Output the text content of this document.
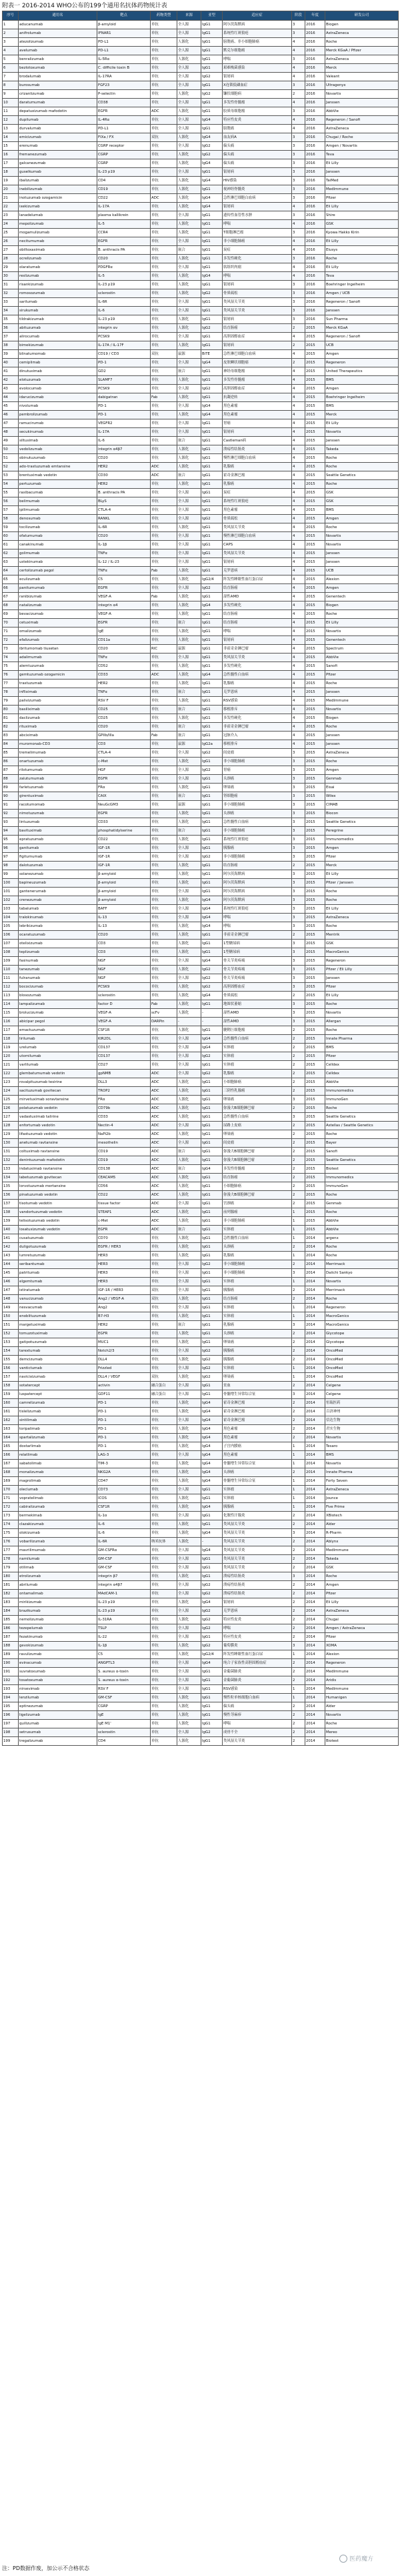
附表一 2016-2014 WHO公布的199个通用名抗体药物统计表
序号	通用名	靶点	药物类型	来源	亚型	适应症	阶段	年度	研发公司
1	aducanumab	β-amyloid	单抗	全人源	IgG1	阿尔茨海默病	3	2016	Biogen
2	anifrolumab	IFNAR1	单抗	全人源	IgG1	系统性红斑狼疮	3	2016	AstraZeneca
3	atezolizumab	PD-L1	单抗	人源化	IgG1	膀胱癌、非小细胞肺癌	4	2016	Roche
4	avelumab	PD-L1	单抗	全人源	IgG1	默克尔细胞癌	4	2016	Merck KGaA / Pfizer
5	benralizumab	IL-5Rα	单抗	人源化	IgG1	哮喘	3	2016	AstraZeneca
6	bezlotoxumab	C. difficile toxin B	单抗	全人源	IgG1	艰难梭菌感染	4	2016	Merck
7	brodalumab	IL-17RA	单抗	全人源	IgG2	银屑病	4	2016	Valeant
8	burosumab	FGF23	单抗	全人源	IgG1	X连锁低磷血症	3	2016	Ultragenyx
9	crizanlizumab	P-selectin	单抗	人源化	IgG2	镰状细胞病	2	2016	Novartis
10	daratumumab	CD38	单抗	全人源	IgG1	多发性骨髓瘤	4	2016	Janssen
11	depatuxizumab mafodotin	EGFR	ADC	人源化	IgG1	胶质母细胞瘤	3	2016	AbbVie
12	dupilumab	IL-4Rα	单抗	全人源	IgG4	特应性皮炎	4	2016	Regeneron / Sanofi
13	durvalumab	PD-L1	单抗	全人源	IgG1	膀胱癌	4	2016	AstraZeneca
14	emicizumab	FIXa / FX	双抗	人源化	IgG4	血友病A	3	2016	Chugai / Roche
15	erenumab	CGRP receptor	单抗	全人源	IgG2	偏头痛	3	2016	Amgen / Novartis
16	fremanezumab	CGRP	单抗	人源化	IgG2	偏头痛	3	2016	Teva
17	galcanezumab	CGRP	单抗	人源化	IgG4	偏头痛	3	2016	Eli Lilly
18	guselkumab	IL-23 p19	单抗	全人源	IgG1	银屑病	3	2016	Janssen
19	ibalizumab	CD4	单抗	人源化	IgG4	HIV感染	3	2016	TaiMed
20	inebilizumab	CD19	单抗	人源化	IgG1	视神经脊髓炎	3	2016	MedImmune
21	inotuzumab ozogamicin	CD22	ADC	人源化	IgG4	急性淋巴细胞白血病	3	2016	Pfizer
22	ixekizumab	IL-17A	单抗	人源化	IgG4	银屑病	4	2016	Eli Lilly
23	lanadelumab	plasma kallikrein	单抗	全人源	IgG1	遗传性血管性水肿	3	2016	Shire
24	mepolizumab	IL-5	单抗	人源化	IgG1	哮喘	4	2016	GSK
25	mogamulizumab	CCR4	单抗	人源化	IgG1	T细胞淋巴瘤	3	2016	Kyowa Hakko Kirin
26	necitumumab	EGFR	单抗	全人源	IgG1	非小细胞肺癌	4	2016	Eli Lilly
27	obiltoxaximab	B. anthracis PA	单抗	嵌合	IgG1	炭疽	4	2016	Elusys
28	ocrelizumab	CD20	单抗	人源化	IgG1	多发性硬化	3	2016	Roche
29	olaratumab	PDGFRα	单抗	全人源	IgG1	软组织肉瘤	4	2016	Eli Lilly
30	reslizumab	IL-5	单抗	人源化	IgG4	哮喘	4	2016	Teva
31	risankizumab	IL-23 p19	单抗	人源化	IgG1	银屑病	3	2016	Boehringer Ingelheim
32	romosozumab	sclerostin	单抗	人源化	IgG2	骨质疏松	3	2016	Amgen / UCB
33	sarilumab	IL-6R	单抗	全人源	IgG1	类风湿关节炎	3	2016	Regeneron / Sanofi
34	sirukumab	IL-6	单抗	全人源	IgG1	类风湿关节炎	3	2016	Janssen
35	tildrakizumab	IL-23 p19	单抗	人源化	IgG1	银屑病	3	2016	Sun Pharma
36	abituzumab	integrin αv	单抗	人源化	IgG2	结直肠癌	2	2015	Merck KGaA
37	alirocumab	PCSK9	单抗	全人源	IgG1	高胆固醇血症	4	2015	Regeneron / Sanofi
38	bimekizumab	IL-17A / IL-17F	单抗	人源化	IgG1	银屑病	2	2015	UCB
39	blinatumomab	CD19 / CD3	双抗	鼠源	BiTE	急性淋巴细胞白血病	4	2015	Amgen
40	cemiplimab	PD-1	单抗	全人源	IgG4	皮肤鳞状细胞癌	2	2015	Regeneron
41	dinutuximab	GD2	单抗	嵌合	IgG1	神经母细胞瘤	4	2015	United Therapeutics
42	elotuzumab	SLAMF7	单抗	人源化	IgG1	多发性骨髓瘤	4	2015	BMS
43	evolocumab	PCSK9	单抗	全人源	IgG2	高胆固醇血症	4	2015	Amgen
44	idarucizumab	dabigatran	Fab	人源化	IgG1	抗凝逆转	4	2015	Boehringer Ingelheim
45	nivolumab	PD-1	单抗	全人源	IgG4	黑色素瘤	4	2015	BMS
46	pembrolizumab	PD-1	单抗	人源化	IgG4	黑色素瘤	4	2015	Merck
47	ramucirumab	VEGFR2	单抗	全人源	IgG1	胃癌	4	2015	Eli Lilly
48	secukinumab	IL-17A	单抗	全人源	IgG1	银屑病	4	2015	Novartis
49	siltuximab	IL-6	单抗	嵌合	IgG1	Castleman病	4	2015	Janssen
50	vedolizumab	integrin α4β7	单抗	人源化	IgG1	溃疡性结肠炎	4	2015	Takeda
51	obinutuzumab	CD20	单抗	人源化	IgG1	慢性淋巴细胞白血病	4	2015	Roche
52	ado-trastuzumab emtansine	HER2	ADC	人源化	IgG1	乳腺癌	4	2015	Roche
53	brentuximab vedotin	CD30	ADC	嵌合	IgG1	霍奇金淋巴瘤	4	2015	Seattle Genetics
54	pertuzumab	HER2	单抗	人源化	IgG1	乳腺癌	4	2015	Roche
55	raxibacumab	B. anthracis PA	单抗	全人源	IgG1	炭疽	4	2015	GSK
56	belimumab	BLyS	单抗	全人源	IgG1	系统性红斑狼疮	4	2015	GSK
57	ipilimumab	CTLA-4	单抗	全人源	IgG1	黑色素瘤	4	2015	BMS
58	denosumab	RANKL	单抗	全人源	IgG2	骨质疏松	4	2015	Amgen
59	tocilizumab	IL-6R	单抗	人源化	IgG1	类风湿关节炎	4	2015	Roche
60	ofatumumab	CD20	单抗	全人源	IgG1	慢性淋巴细胞白血病	4	2015	Novartis
61	canakinumab	IL-1β	单抗	全人源	IgG1	CAPS	4	2015	Novartis
62	golimumab	TNFα	单抗	全人源	IgG1	类风湿关节炎	4	2015	Janssen
63	ustekinumab	IL-12 / IL-23	单抗	全人源	IgG1	银屑病	4	2015	Janssen
64	certolizumab pegol	TNFα	Fab	人源化	IgG1	克罗恩病	4	2015	UCB
65	eculizumab	C5	单抗	人源化	IgG2/4	阵发性睡眠性血红蛋白尿	4	2015	Alexion
66	panitumumab	EGFR	单抗	全人源	IgG2	结直肠癌	4	2015	Amgen
67	ranibizumab	VEGF-A	Fab	人源化	IgG1	湿性AMD	4	2015	Genentech
68	natalizumab	integrin α4	单抗	人源化	IgG4	多发性硬化	4	2015	Biogen
69	bevacizumab	VEGF-A	单抗	人源化	IgG1	结直肠癌	4	2015	Roche
70	cetuximab	EGFR	单抗	嵌合	IgG1	结直肠癌	4	2015	Eli Lilly
71	omalizumab	IgE	单抗	人源化	IgG1	哮喘	4	2015	Novartis
72	efalizumab	CD11a	单抗	人源化	IgG1	银屑病	4	2015	Genentech
73	ibritumomab tiuxetan	CD20	RIC	鼠源	IgG1	非霍奇金淋巴瘤	4	2015	Spectrum
74	adalimumab	TNFα	单抗	全人源	IgG1	类风湿关节炎	4	2015	AbbVie
75	alemtuzumab	CD52	单抗	人源化	IgG1	多发性硬化	4	2015	Sanofi
76	gemtuzumab ozogamicin	CD33	ADC	人源化	IgG4	急性髓性白血病	4	2015	Pfizer
77	trastuzumab	HER2	单抗	人源化	IgG1	乳腺癌	4	2015	Roche
78	infliximab	TNFα	单抗	嵌合	IgG1	克罗恩病	4	2015	Janssen
79	palivizumab	RSV F	单抗	人源化	IgG1	RSV感染	4	2015	MedImmune
80	basiliximab	CD25	单抗	嵌合	IgG1	移植排斥	4	2015	Novartis
81	daclizumab	CD25	单抗	人源化	IgG1	多发性硬化	4	2015	Biogen
82	rituximab	CD20	单抗	嵌合	IgG1	非霍奇金淋巴瘤	4	2015	Roche
83	abciximab	GPIIb/IIIa	Fab	嵌合	IgG1	冠脉介入	4	2015	Janssen
84	muromonab-CD3	CD3	单抗	鼠源	IgG2a	移植排斥	4	2015	Janssen
85	tremelimumab	CTLA-4	单抗	全人源	IgG2	间皮瘤	3	2015	AstraZeneca
86	onartuzumab	c-Met	单抗	人源化	IgG1	非小细胞肺癌	3	2015	Roche
87	rilotumumab	HGF	单抗	全人源	IgG2	胃癌	3	2015	Amgen
88	zalutumumab	EGFR	单抗	全人源	IgG1	头颈癌	3	2015	Genmab
89	farletuzumab	FRα	单抗	人源化	IgG1	卵巢癌	3	2015	Eisai
90	girentuximab	CAIX	单抗	嵌合	IgG1	肾细胞癌	3	2015	Wilex
91	racotumomab	NeuGcGM3	单抗	鼠源	IgG1	非小细胞肺癌	3	2015	CIMAB
92	nimotuzumab	EGFR	单抗	人源化	IgG1	头颈癌	3	2015	Biocon
93	lintuzumab	CD33	单抗	人源化	IgG1	急性髓性白血病	3	2015	Seattle Genetics
94	bavituximab	phosphatidylserine	单抗	嵌合	IgG1	非小细胞肺癌	3	2015	Peregrine
95	epratuzumab	CD22	单抗	人源化	IgG1	系统性红斑狼疮	3	2015	Immunomedics
96	ganitumab	IGF-1R	单抗	全人源	IgG1	胰腺癌	3	2015	Amgen
97	figitumumab	IGF-1R	单抗	全人源	IgG2	非小细胞肺癌	3	2015	Pfizer
98	dalotuzumab	IGF-1R	单抗	人源化	IgG1	结直肠癌	2	2015	Merck
99	solanezumab	β-amyloid	单抗	人源化	IgG1	阿尔茨海默病	3	2015	Eli Lilly
100	bapineuzumab	β-amyloid	单抗	人源化	IgG1	阿尔茨海默病	3	2015	Pfizer / Janssen
101	gantenerumab	β-amyloid	单抗	全人源	IgG1	阿尔茨海默病	3	2015	Roche
102	crenezumab	β-amyloid	单抗	人源化	IgG4	阿尔茨海默病	3	2015	Roche
103	tabalumab	BAFF	单抗	全人源	IgG4	系统性红斑狼疮	3	2015	Eli Lilly
104	tralokinumab	IL-13	单抗	全人源	IgG4	哮喘	3	2015	AstraZeneca
105	lebrikizumab	IL-13	单抗	人源化	IgG4	哮喘	3	2015	Roche
106	ocaratuzumab	CD20	单抗	人源化	IgG1	非霍奇金淋巴瘤	2	2015	Mentrik
107	otelixizumab	CD3	单抗	人源化	IgG1	1型糖尿病	3	2015	GSK
108	teplizumab	CD3	单抗	人源化	IgG1	1型糖尿病	3	2015	MacroGenics
109	fasinumab	NGF	单抗	全人源	IgG4	骨关节炎疼痛	3	2015	Regeneron
110	tanezumab	NGF	单抗	人源化	IgG2	骨关节炎疼痛	3	2015	Pfizer / Eli Lilly
111	fulranumab	NGF	单抗	全人源	IgG2	骨关节炎疼痛	3	2015	Janssen
112	bococizumab	PCSK9	单抗	人源化	IgG2	高胆固醇血症	3	2015	Pfizer
113	blosozumab	sclerostin	单抗	人源化	IgG4	骨质疏松	2	2015	Eli Lilly
114	lampalizumab	factor D	Fab	人源化	IgG1	地图状萎缩	3	2015	Roche
115	brolucizumab	VEGF-A	scFv	人源化	-	湿性AMD	3	2015	Novartis
116	abicipar pegol	VEGF-A	DARPin	-	-	湿性AMD	3	2015	Allergan
117	emactuzumab	CSF1R	单抗	人源化	IgG1	腱鞘巨细胞瘤	2	2015	Roche
118	lirilumab	KIR2DL	单抗	全人源	IgG4	急性髓性白血病	2	2015	Innate Pharma
119	urelumab	CD137	单抗	全人源	IgG4	实体瘤	2	2015	BMS
120	utomilumab	CD137	单抗	全人源	IgG2	实体瘤	2	2015	Pfizer
121	varlilumab	CD27	单抗	全人源	IgG1	实体瘤	2	2015	Celldex
122	glembatumumab vedotin	gpNMB	ADC	全人源	IgG2	乳腺癌	2	2015	Celldex
123	rovalpituzumab tesirine	DLL3	ADC	人源化	IgG1	小细胞肺癌	2	2015	AbbVie
124	sacituzumab govitecan	TROP2	ADC	人源化	IgG1	三阴性乳腺癌	2	2015	Immunomedics
125	mirvetuximab soravtansine	FRα	ADC	人源化	IgG1	卵巢癌	3	2015	ImmunoGen
126	polatuzumab vedotin	CD79b	ADC	人源化	IgG1	弥漫大B细胞淋巴瘤	2	2015	Roche
127	vadastuximab talirine	CD33	ADC	人源化	IgG1	急性髓性白血病	3	2015	Seattle Genetics
128	enfortumab vedotin	Nectin-4	ADC	全人源	IgG1	尿路上皮癌	2	2015	Astellas / Seattle Genetics
129	lifastuzumab vedotin	NaPi2b	ADC	人源化	IgG1	卵巢癌	2	2015	Roche
130	anetumab ravtansine	mesothelin	ADC	全人源	IgG1	间皮瘤	2	2015	Bayer
131	coltuximab ravtansine	CD19	ADC	嵌合	IgG1	弥漫大B细胞淋巴瘤	2	2015	Sanofi
132	denintuzumab mafodotin	CD19	ADC	人源化	IgG1	弥漫大B细胞淋巴瘤	2	2015	Seattle Genetics
133	indatuximab ravtansine	CD138	ADC	嵌合	IgG4	多发性骨髓瘤	2	2015	Biotest
134	labetuzumab govitecan	CEACAM5	ADC	人源化	IgG1	结直肠癌	2	2015	Immunomedics
135	lorvotuzumab mertansine	CD56	ADC	人源化	IgG1	小细胞肺癌	2	2015	ImmunoGen
136	pinatuzumab vedotin	CD22	ADC	人源化	IgG1	弥漫大B细胞淋巴瘤	2	2015	Roche
137	tisotumab vedotin	tissue factor	ADC	全人源	IgG1	宫颈癌	2	2015	Genmab
138	vandortuzumab vedotin	STEAP1	ADC	人源化	IgG1	前列腺癌	1	2015	Roche
139	telisotuzumab vedotin	c-Met	ADC	人源化	IgG1	非小细胞肺癌	1	2015	AbbVie
140	losatuxizumab vedotin	EGFR	ADC	嵌合	IgG1	实体瘤	1	2015	AbbVie
141	cusatuzumab	CD70	单抗	人源化	IgG1	急性髓性白血病	1	2014	argenx
142	duligotuzumab	EGFR / HER3	单抗	人源化	IgG1	头颈癌	2	2014	Roche
143	lumretuzumab	HER3	单抗	人源化	IgG1	乳腺癌	1	2014	Roche
144	seribantumab	HER3	单抗	全人源	IgG2	非小细胞肺癌	2	2014	Merrimack
145	patritumab	HER3	单抗	全人源	IgG1	非小细胞肺癌	3	2014	Daiichi Sankyo
146	elgemtumab	HER3	单抗	全人源	IgG1	实体瘤	1	2014	Novartis
147	istiratumab	IGF-1R / HER3	双抗	全人源	IgG1	胰腺癌	2	2014	Merrimack
148	vanucizumab	Ang2 / VEGF-A	双抗	人源化	IgG1	结直肠癌	2	2014	Roche
149	nesvacumab	Ang2	单抗	全人源	IgG1	实体瘤	1	2014	Regeneron
150	enoblituzumab	B7-H3	单抗	人源化	IgG1	实体瘤	1	2014	MacroGenics
151	margetuximab	HER2	单抗	嵌合	IgG1	乳腺癌	3	2014	MacroGenics
152	tomuzotuximab	EGFR	单抗	人源化	IgG1	头颈癌	2	2014	Glycotope
153	gatipotuzumab	MUC1	单抗	人源化	IgG1	卵巢癌	2	2014	Glycotope
154	tarextumab	Notch2/3	单抗	全人源	IgG2	胰腺癌	2	2014	OncoMed
155	demcizumab	DLL4	单抗	人源化	IgG2	胰腺癌	2	2014	OncoMed
156	vantictumab	Frizzled	单抗	全人源	IgG2	实体瘤	1	2014	OncoMed
157	navicixizumab	DLL4 / VEGF	双抗	人源化	IgG2	卵巢癌	1	2014	OncoMed
158	sotatercept	activin	融合蛋白	全人源	IgG1	贫血	2	2014	Celgene
159	luspatercept	GDF11	融合蛋白	全人源	IgG1	骨髓增生异常综合征	3	2014	Celgene
160	camrelizumab	PD-1	单抗	人源化	IgG4	霍奇金淋巴瘤	2	2014	恒瑞医药
161	tislelizumab	PD-1	单抗	人源化	IgG4	霍奇金淋巴瘤	2	2014	百济神州
162	sintilimab	PD-1	单抗	全人源	IgG4	霍奇金淋巴瘤	2	2014	信达生物
163	toripalimab	PD-1	单抗	人源化	IgG4	黑色素瘤	2	2014	君实生物
164	spartalizumab	PD-1	单抗	人源化	IgG4	黑色素瘤	2	2014	Novartis
165	dostarlimab	PD-1	单抗	人源化	IgG4	子宫内膜癌	1	2014	Tesaro
166	relatlimab	LAG-3	单抗	全人源	IgG4	黑色素瘤	1	2014	BMS
167	sabatolimab	TIM-3	单抗	人源化	IgG4	骨髓增生异常综合征	1	2014	Novartis
168	monalizumab	NKG2A	单抗	人源化	IgG4	头颈癌	2	2014	Innate Pharma
169	magrolimab	CD47	单抗	人源化	IgG4	骨髓增生异常综合征	1	2014	Forty Seven
170	oleclumab	CD73	单抗	全人源	IgG1	实体瘤	1	2014	AstraZeneca
171	vopratelimab	ICOS	单抗	人源化	IgG1	实体瘤	1	2014	Jounce
172	cabiralizumab	CSF1R	单抗	人源化	IgG4	胰腺癌	1	2014	Five Prime
173	bermekimab	IL-1α	单抗	全人源	IgG1	化脓性汗腺炎	2	2014	XBiotech
174	clazakizumab	IL-6	单抗	人源化	IgG1	类风湿关节炎	2	2014	Alder
175	olokizumab	IL-6	单抗	人源化	IgG4	类风湿关节炎	3	2014	R-Pharm
176	vobarilizumab	IL-6R	纳米抗体	人源化	-	类风湿关节炎	2	2014	Ablynx
177	mavrilimumab	GM-CSFRα	单抗	全人源	IgG4	类风湿关节炎	2	2014	MedImmune
178	namilumab	GM-CSF	单抗	全人源	IgG1	类风湿关节炎	2	2014	Takeda
179	otilimab	GM-CSF	单抗	全人源	IgG1	类风湿关节炎	2	2014	GSK
180	etrolizumab	integrin β7	单抗	人源化	IgG1	溃疡性结肠炎	3	2014	Roche
181	abrilumab	integrin α4β7	单抗	全人源	IgG2	溃疡性结肠炎	2	2014	Amgen
182	ontamalimab	MAdCAM-1	单抗	全人源	IgG2	溃疡性结肠炎	2	2014	Pfizer
183	mirikizumab	IL-23 p19	单抗	人源化	IgG4	银屑病	2	2014	Eli Lilly
184	brazikumab	IL-23 p19	单抗	全人源	IgG2	克罗恩病	2	2014	AstraZeneca
185	nemolizumab	IL-31RA	单抗	人源化	IgG2	特应性皮炎	2	2014	Chugai
186	tezepelumab	TSLP	单抗	全人源	IgG2	哮喘	2	2014	Amgen / AstraZeneca
187	fezakinumab	IL-22	单抗	全人源	IgG1	特应性皮炎	2	2014	Pfizer
188	gevokizumab	IL-1β	单抗	人源化	IgG2	葡萄膜炎	3	2014	XOMA
189	ravulizumab	C5	单抗	人源化	IgG2/4	阵发性睡眠性血红蛋白尿	1	2014	Alexion
190	evinacumab	ANGPTL3	单抗	全人源	IgG4	纯合子家族性高胆固醇血症	2	2014	Regeneron
191	suvratoxumab	S. aureus α-toxin	单抗	全人源	IgG1	金葡菌肺炎	2	2014	MedImmune
192	tosatoxumab	S. aureus α-toxin	单抗	全人源	IgG1	金葡菌肺炎	2	2014	Aridis
193	nirsevimab	RSV F	单抗	全人源	IgG1	RSV感染	1	2014	MedImmune
194	lenzilumab	GM-CSF	单抗	人源化	IgG1	慢性粒单核细胞白血病	1	2014	Humanigen
195	eptinezumab	CGRP	单抗	人源化	IgG1	偏头痛	2	2014	Alder
196	ligelizumab	IgE	单抗	人源化	IgG1	慢性荨麻疹	2	2014	Novartis
197	quilizumab	IgE M1'	单抗	人源化	IgG1	哮喘	2	2014	Roche
198	setrusumab	sclerostin	单抗	全人源	IgG2	成骨不全	2	2014	Mereo
199	tregalizumab	CD4	单抗	人源化	IgG1	类风湿关节炎	2	2014	Biotest
医药魔方
注：PD数据作废，加公示不合格状态
